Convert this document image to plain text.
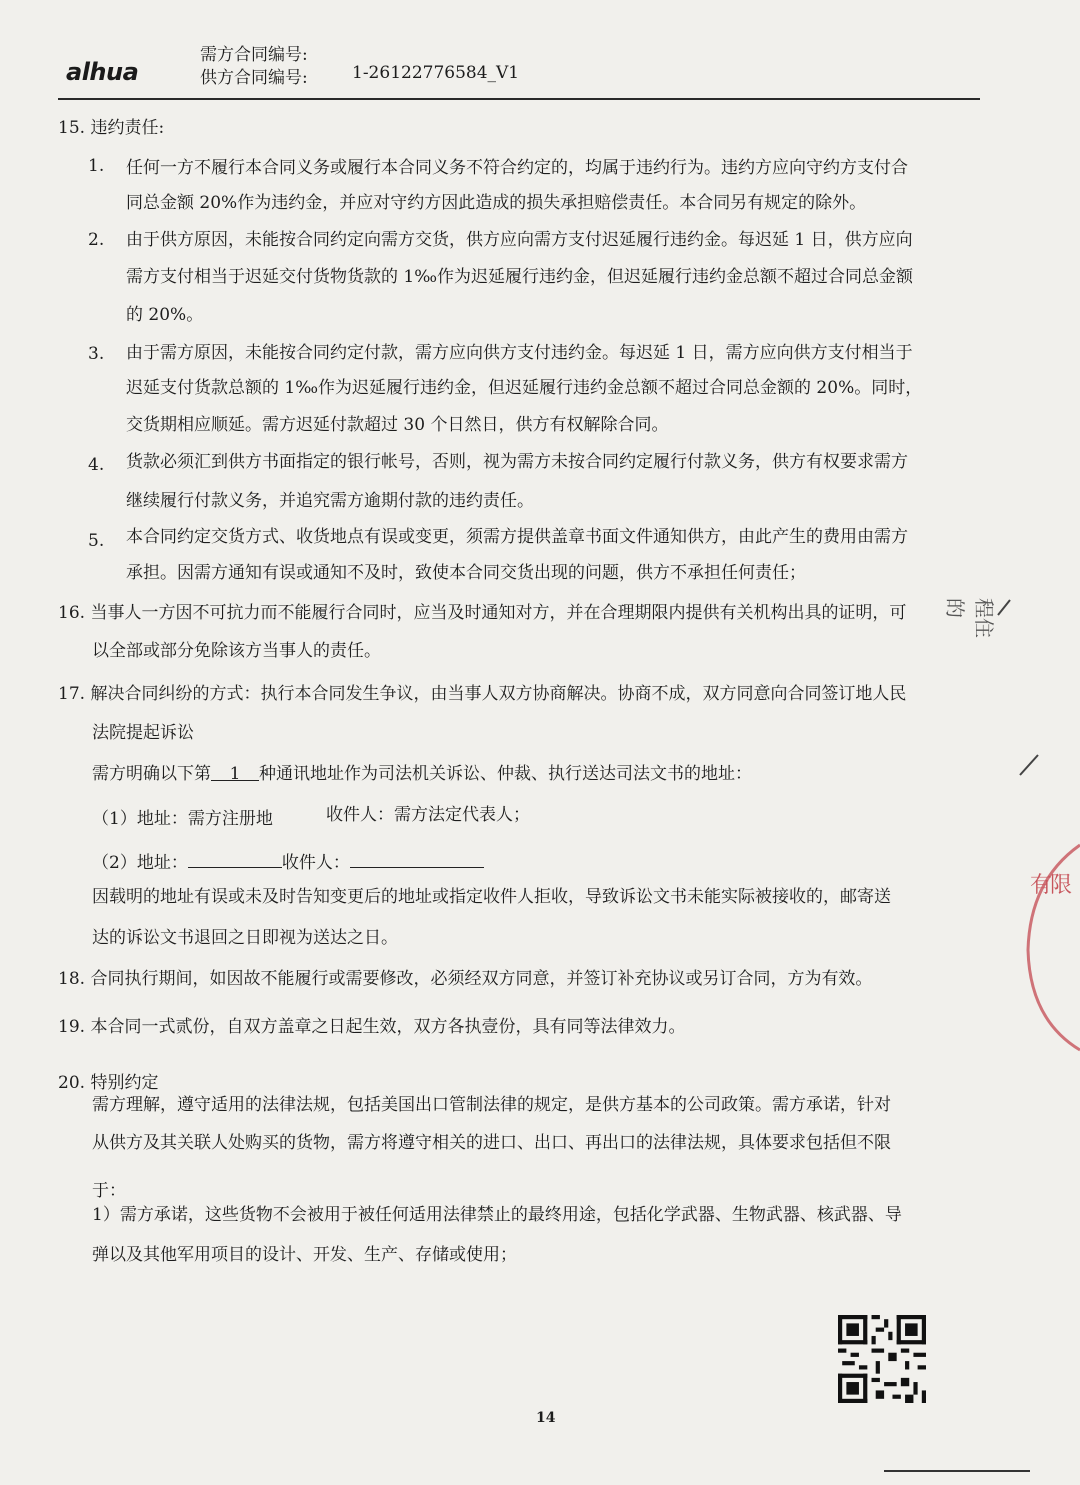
alhua
需方合同编号:
供方合同编号:	1-26122776584_V1
15. 违约责任:
1. 任何一方不履行本合同义务或履行本合同义务不符合约定的，均属于违约行为。违约方应向守约方支付合
同总金额 20%作为违约金，并应对守约方因此造成的损失承担赔偿责任。本合同另有规定的除外。
2. 由于供方原因，未能按合同约定向需方交货，供方应向需方支付迟延履行违约金。每迟延 1 日，供方应向
需方支付相当于迟延交付货物货款的 1‰作为迟延履行违约金，但迟延履行违约金总额不超过合同总金额
的 20%。
3. 由于需方原因，未能按合同约定付款，需方应向供方支付违约金。每迟延 1 日，需方应向供方支付相当于
迟延支付货款总额的 1‰作为迟延履行违约金，但迟延履行违约金总额不超过合同总金额的 20%。同时，
交货期相应顺延。需方迟延付款超过 30 个日然日，供方有权解除合同。
4. 货款必须汇到供方书面指定的银行帐号，否则，视为需方未按合同约定履行付款义务，供方有权要求需方
继续履行付款义务，并追究需方逾期付款的违约责任。
5. 本合同约定交货方式、收货地点有误或变更，须需方提供盖章书面文件通知供方，由此产生的费用由需方
承担。因需方通知有误或通知不及时，致使本合同交货出现的问题，供方不承担任何责任；
16. 当事人一方因不可抗力而不能履行合同时，应当及时通知对方，并在合理期限内提供有关机构出具的证明，可
以全部或部分免除该方当事人的责任。
17. 解决合同纠纷的方式：执行本合同发生争议，由当事人双方协商解决。协商不成，双方同意向合同签订地人民
法院提起诉讼
需方明确以下第 1 种通讯地址作为司法机关诉讼、仲裁、执行送达司法文书的地址：
（1）地址：需方注册地	收件人：需方法定代表人；
（2）地址：	收件人：
因载明的地址有误或未及时告知变更后的地址或指定收件人拒收，导致诉讼文书未能实际被接收的，邮寄送
达的诉讼文书退回之日即视为送达之日。
18. 合同执行期间，如因故不能履行或需要修改，必须经双方同意，并签订补充协议或另订合同，方为有效。
19. 本合同一式贰份，自双方盖章之日起生效，双方各执壹份，具有同等法律效力。
20. 特别约定
需方理解，遵守适用的法律法规，包括美国出口管制法律的规定，是供方基本的公司政策。需方承诺，针对
从供方及其关联人处购买的货物，需方将遵守相关的进口、出口、再出口的法律法规，具体要求包括但不限
于：
1）需方承诺，这些货物不会被用于被任何适用法律禁止的最终用途，包括化学武器、生物武器、核武器、导
弹以及其他军用项目的设计、开发、生产、存储或使用；
程住的
有
限
14
